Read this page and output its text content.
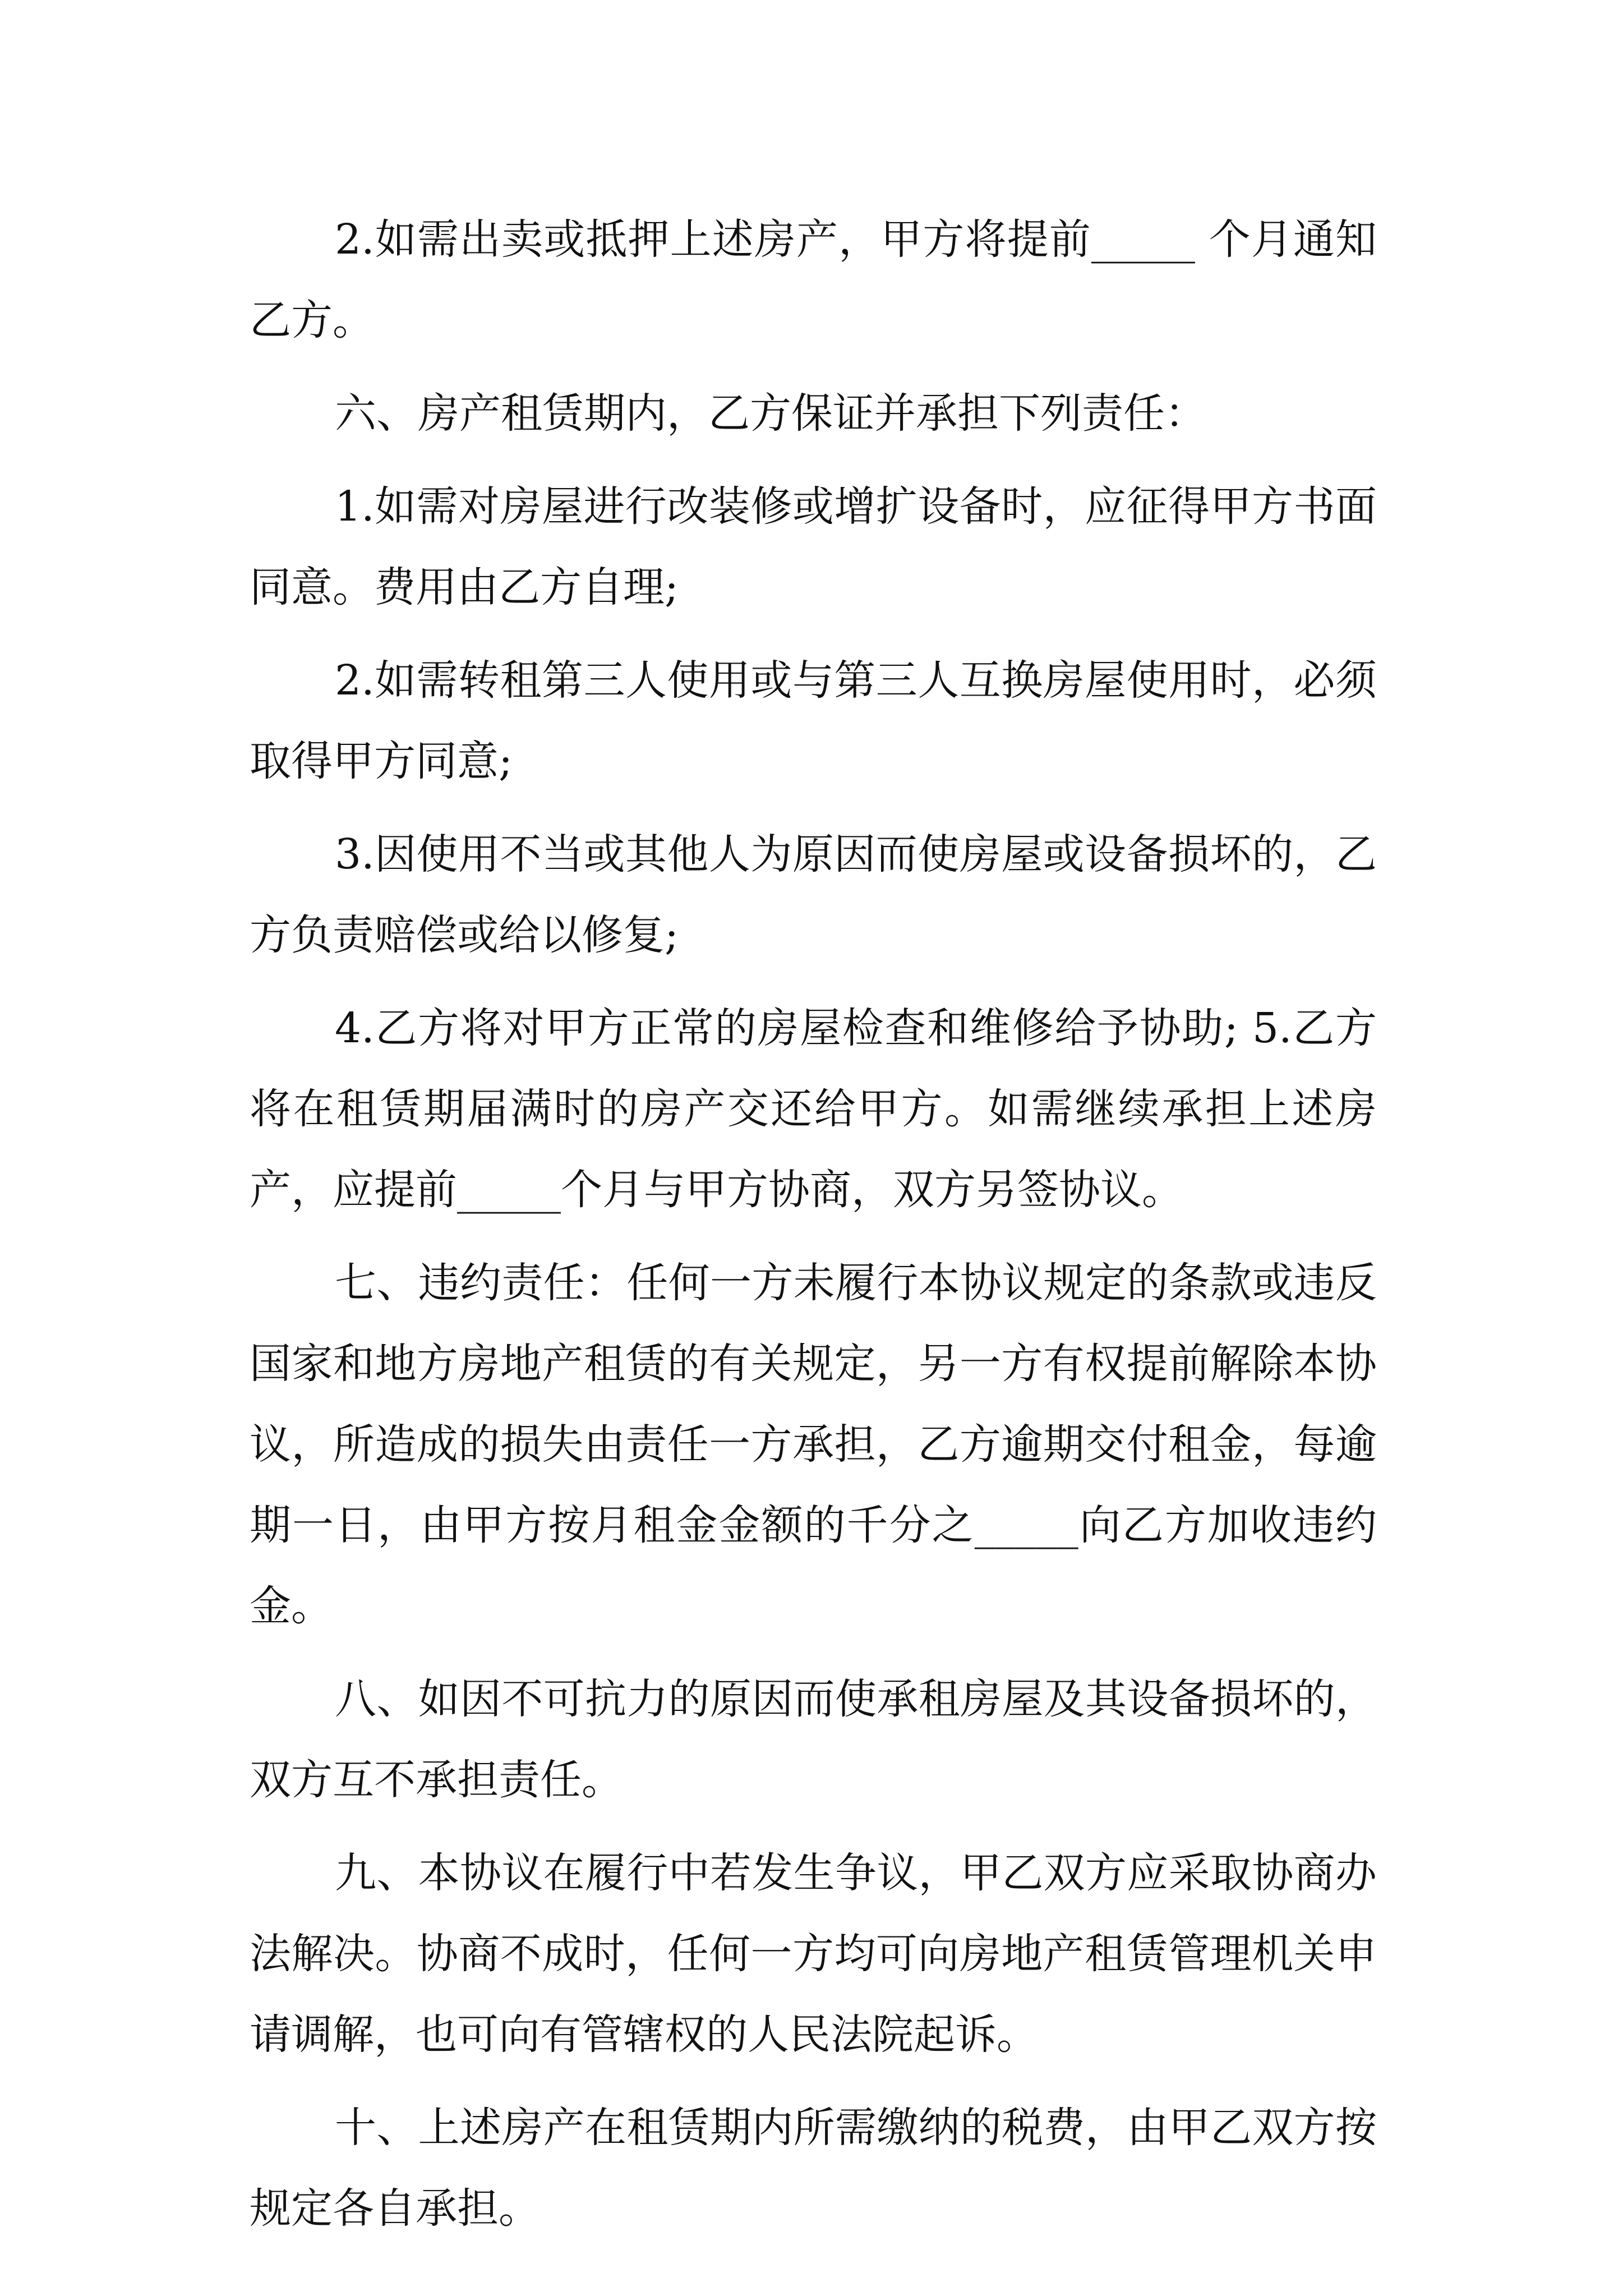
2.如需出卖或抵押上述房产，甲方将提前_____ 个月通知乙方。

六、房产租赁期内，乙方保证并承担下列责任：

1.如需对房屋进行改装修或增扩设备时，应征得甲方书面同意。费用由乙方自理;

2.如需转租第三人使用或与第三人互换房屋使用时，必须取得甲方同意;

3.因使用不当或其他人为原因而使房屋或设备损坏的，乙方负责赔偿或给以修复;

4.乙方将对甲方正常的房屋检查和维修给予协助; 5.乙方将在租赁期届满时的房产交还给甲方。如需继续承担上述房产，应提前_____个月与甲方协商，双方另签协议。

七、违约责任：任何一方未履行本协议规定的条款或违反国家和地方房地产租赁的有关规定，另一方有权提前解除本协议，所造成的损失由责任一方承担，乙方逾期交付租金，每逾期一日，由甲方按月租金金额的千分之_____向乙方加收违约金。

八、如因不可抗力的原因而使承租房屋及其设备损坏的，双方互不承担责任。

九、本协议在履行中若发生争议，甲乙双方应采取协商办法解决。协商不成时，任何一方均可向房地产租赁管理机关申请调解，也可向有管辖权的人民法院起诉。

十、上述房产在租赁期内所需缴纳的税费，由甲乙双方按规定各自承担。
